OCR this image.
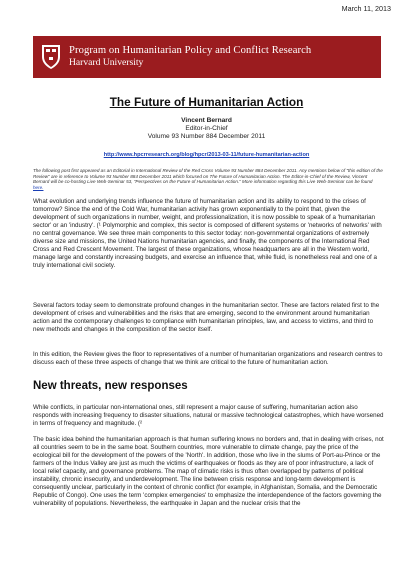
March 11, 2013
Program on Humanitarian Policy and Conflict Research
Harvard University
The Future of Humanitarian Action
Vincent Bernard
Editor-in-Chief
Volume 93 Number 884 December 2011
http://www.hpcrresearch.org/blog/hpcr/2013-03-11/future-humanitarian-action
The following post first appeared as an Editorial in International Review of the Red Cross Volume 93 Number 884 December 2011. Any mentions below of "this edition of the Review" are in reference to Volume 93 Number 884 December 2011 which focused on The Future of Humanitarian Action. The Editor-in-Chief of the Review, Vincent Bernard will be co-hosting Live Web-Seminar 53, "Perspectives on the Future of Humanitarian Action." More information regarding this Live Web-Seminar can be found here.
What evolution and underlying trends influence the future of humanitarian action and its ability to respond to the crises of tomorrow? Since the end of the Cold War, humanitarian activity has grown exponentially to the point that, given the development of such organizations in number, weight, and professionalization, it is now possible to speak of a 'humanitarian sector' or an 'industry'. (¹ Polymorphic and complex, this sector is composed of different systems or 'networks of networks' with no central governance. We see three main components to this sector today: non-governmental organizations of extremely diverse size and missions, the United Nations humanitarian agencies, and finally, the components of the International Red Cross and Red Crescent Movement. The largest of these organizations, whose headquarters are all in the Western world, manage large and constantly increasing budgets, and exercise an influence that, while fluid, is nonetheless real and one of a truly international civil society.
Several factors today seem to demonstrate profound changes in the humanitarian sector. These are factors related first to the development of crises and vulnerabilities and the risks that are emerging, second to the environment around humanitarian action and the contemporary challenges to compliance with humanitarian principles, law, and access to victims, and third to new methods and changes in the composition of the sector itself.
In this edition, the Review gives the floor to representatives of a number of humanitarian organizations and research centres to discuss each of these three aspects of change that we think are critical to the future of humanitarian action.
New threats, new responses
While conflicts, in particular non-international ones, still represent a major cause of suffering, humanitarian action also responds with increasing frequency to disaster situations, natural or massive technological catastrophes, which have worsened in terms of frequency and magnitude. (²
The basic idea behind the humanitarian approach is that human suffering knows no borders and, that in dealing with crises, not all countries seem to be in the same boat. Southern countries, more vulnerable to climate change, pay the price of the ecological bill for the development of the powers of the 'North'. In addition, those who live in the slums of Port-au-Prince or the farmers of the Indus Valley are just as much the victims of earthquakes or floods as they are of poor infrastructure, a lack of local relief capacity, and governance problems. The map of climatic risks is thus often overlapped by patterns of political instability, chronic insecurity, and underdevelopment. The line between crisis response and long-term development is consequently unclear, particularly in the context of chronic conflict (for example, in Afghanistan, Somalia, and the Democratic Republic of Congo). One uses the term 'complex emergencies' to emphasize the interdependence of the factors governing the vulnerability of populations. Nevertheless, the earthquake in Japan and the nuclear crisis that the
